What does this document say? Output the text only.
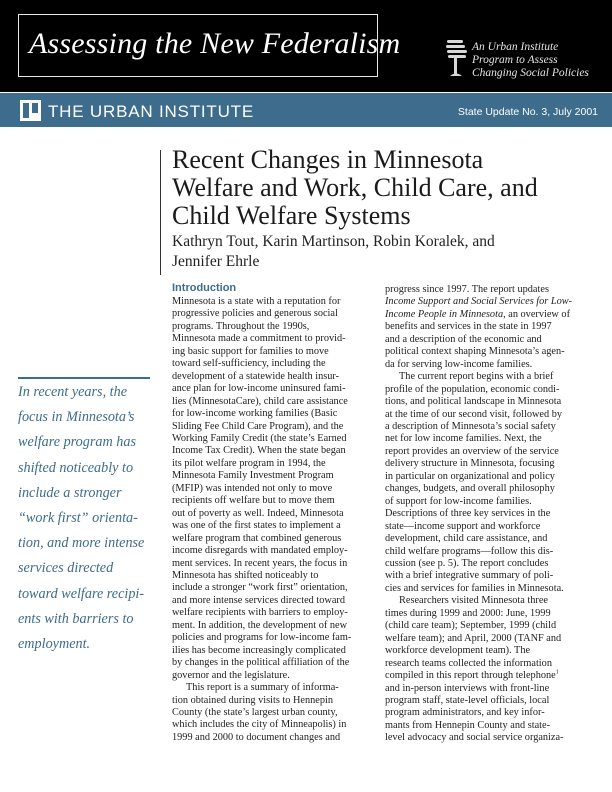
Assessing the New Federalism	An Urban Institute
Program to Assess
Changing Social Policies
THE URBAN INSTITUTE	State Update No. 3, July 2001
Recent Changes in Minnesota
Welfare and Work, Child Care, and
Child Welfare Systems
Kathryn Tout, Karin Martinson, Robin Koralek, and
Jennifer Ehrle
In recent years, the
focus in Minnesota’s
welfare program has
shifted noticeably to
include a stronger
“work first” orienta-
tion, and more intense
services directed
toward welfare recipi-
ents with barriers to
employment.
Introduction
Minnesota is a state with a reputation for
progressive policies and generous social
programs. Throughout the 1990s,
Minnesota made a commitment to provid-
ing basic support for families to move
toward self-sufficiency, including the
development of a statewide health insur-
ance plan for low-income uninsured fami-
lies (MinnesotaCare), child care assistance
for low-income working families (Basic
Sliding Fee Child Care Program), and the
Working Family Credit (the state’s Earned
Income Tax Credit). When the state began
its pilot welfare program in 1994, the
Minnesota Family Investment Program
(MFIP) was intended not only to move
recipients off welfare but to move them
out of poverty as well. Indeed, Minnesota
was one of the first states to implement a
welfare program that combined generous
income disregards with mandated employ-
ment services. In recent years, the focus in
Minnesota has shifted noticeably to
include a stronger “work first” orientation,
and more intense services directed toward
welfare recipients with barriers to employ-
ment. In addition, the development of new
policies and programs for low-income fam-
ilies has become increasingly complicated
by changes in the political affiliation of the
governor and the legislature.
This report is a summary of informa-
tion obtained during visits to Hennepin
County (the state’s largest urban county,
which includes the city of Minneapolis) in
1999 and 2000 to document changes and
progress since 1997. The report updates
Income Support and Social Services for Low-
Income People in Minnesota, an overview of
benefits and services in the state in 1997
and a description of the economic and
political context shaping Minnesota’s agen-
da for serving low-income families.
The current report begins with a brief
profile of the population, economic condi-
tions, and political landscape in Minnesota
at the time of our second visit, followed by
a description of Minnesota’s social safety
net for low income families. Next, the
report provides an overview of the service
delivery structure in Minnesota, focusing
in particular on organizational and policy
changes, budgets, and overall philosophy
of support for low-income families.
Descriptions of three key services in the
state—income support and workforce
development, child care assistance, and
child welfare programs—follow this dis-
cussion (see p. 5). The report concludes
with a brief integrative summary of poli-
cies and services for families in Minnesota.
Researchers visited Minnesota three
times during 1999 and 2000: June, 1999
(child care team); September, 1999 (child
welfare team); and April, 2000 (TANF and
workforce development team). The
research teams collected the information
compiled in this report through telephone$^1$
and in-person interviews with front-line
program staff, state-level officials, local
program administrators, and key infor-
mants from Hennepin County and state-
level advocacy and social service organiza-
